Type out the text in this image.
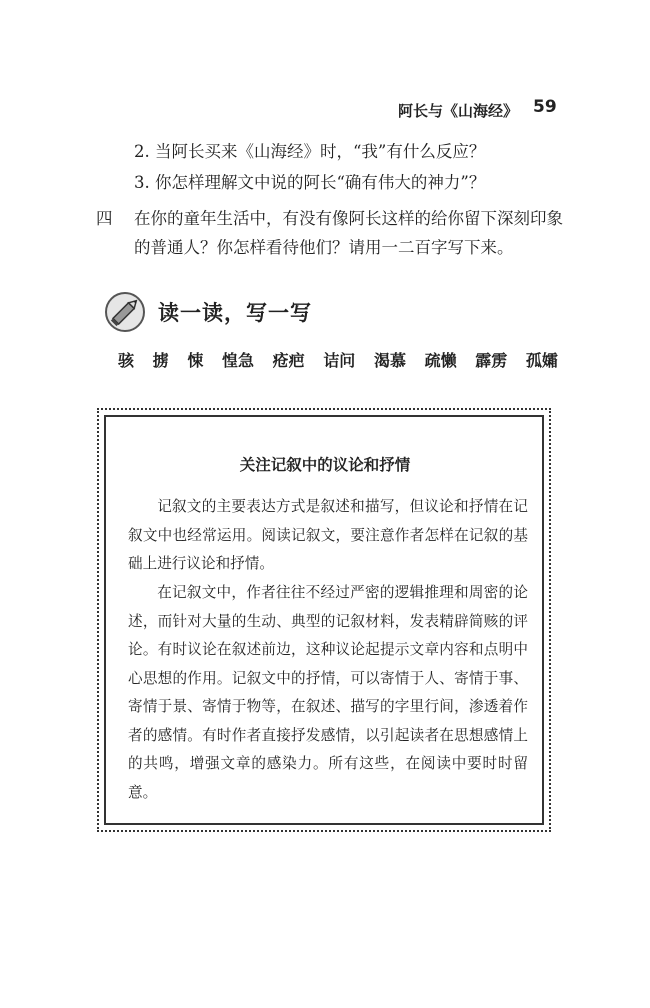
阿长与《山海经》 59
2. 当阿长买来《山海经》时，“我”有什么反应？
3. 你怎样理解文中说的阿长“确有伟大的神力”？
四 在你的童年生活中，有没有像阿长这样的给你留下深刻印象
的普通人？你怎样看待他们？请用一二百字写下来。
读一读，写一写
骇 掳 悚 惶急 疮疤 诘问 渴慕 疏懒 霹雳 孤孀
关注记叙中的议论和抒情
记叙文的主要表达方式是叙述和描写，但议论和抒情在记叙文中也经常运用。阅读记叙文，要注意作者怎样在记叙的基础上进行议论和抒情。
在记叙文中，作者往往不经过严密的逻辑推理和周密的论述，而针对大量的生动、典型的记叙材料，发表精辟简赅的评论。有时议论在叙述前边，这种议论起提示文章内容和点明中心思想的作用。记叙文中的抒情，可以寄情于人、寄情于事、寄情于景、寄情于物等，在叙述、描写的字里行间，渗透着作者的感情。有时作者直接抒发感情，以引起读者在思想感情上的共鸣，增强文章的感染力。所有这些，在阅读中要时时留意。
